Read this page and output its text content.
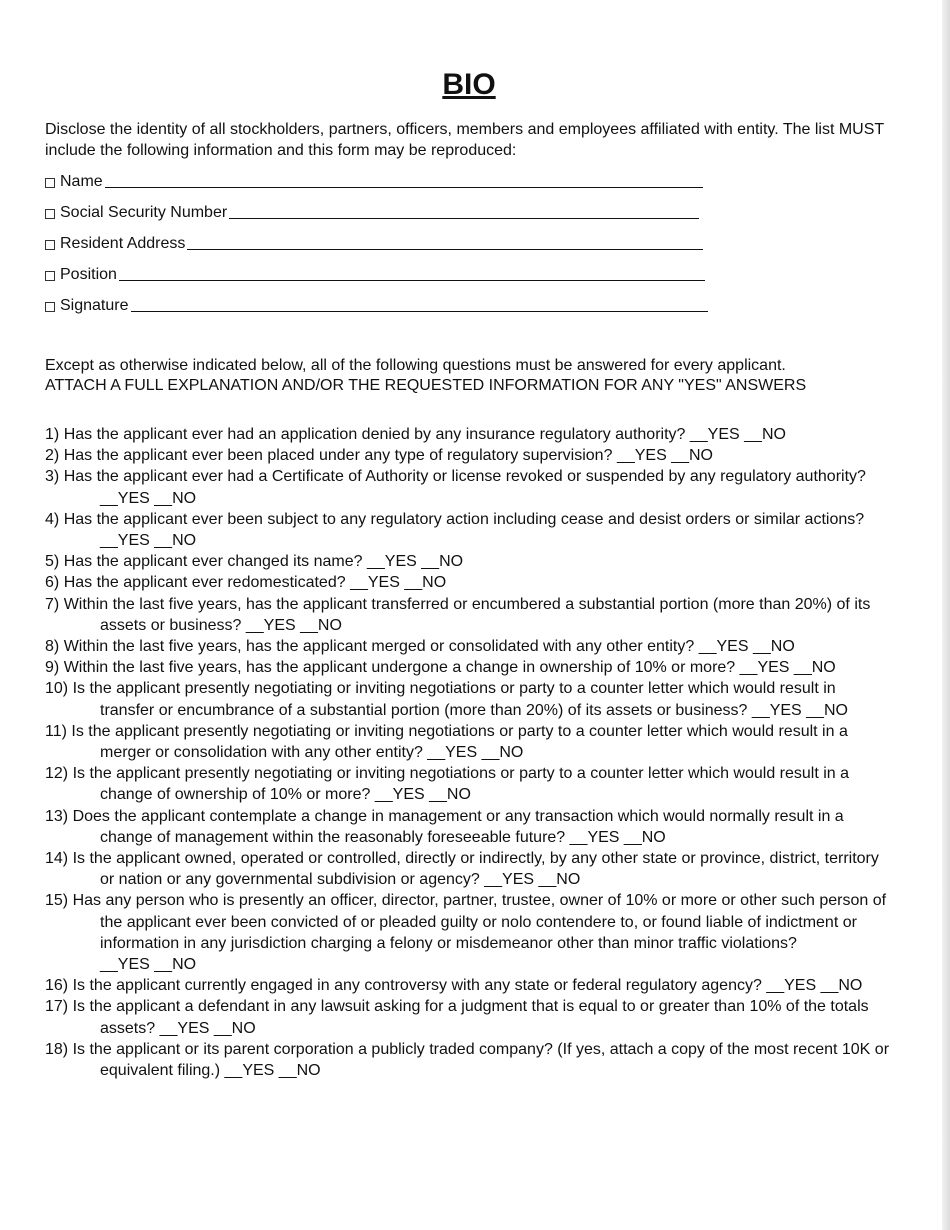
BIO
Disclose the identity of all stockholders, partners, officers, members and employees affiliated with entity. The list MUST include the following information and this form may be reproduced:
Name
Social Security Number
Resident Address
Position
Signature
Except as otherwise indicated below, all of the following questions must be answered for every applicant.
ATTACH A FULL EXPLANATION AND/OR THE REQUESTED INFORMATION FOR ANY "YES" ANSWERS
1) Has the applicant ever had an application denied by any insurance regulatory authority? __YES __NO
2) Has the applicant ever been placed under any type of regulatory supervision? __YES __NO
3) Has the applicant ever had a Certificate of Authority or license revoked or suspended by any regulatory authority? __YES __NO
4) Has the applicant ever been subject to any regulatory action including cease and desist orders or similar actions? __YES __NO
5) Has the applicant ever changed its name? __YES __NO
6) Has the applicant ever redomesticated? __YES __NO
7) Within the last five years, has the applicant transferred or encumbered a substantial portion (more than 20%) of its assets or business? __YES __NO
8) Within the last five years, has the applicant merged or consolidated with any other entity? __YES __NO
9) Within the last five years, has the applicant undergone a change in ownership of 10% or more? __YES __NO
10) Is the applicant presently negotiating or inviting negotiations or party to a counter letter which would result in transfer or encumbrance of a substantial portion (more than 20%) of its assets or business? __YES __NO
11) Is the applicant presently negotiating or inviting negotiations or party to a counter letter which would result in a merger or consolidation with any other entity? __YES __NO
12) Is the applicant presently negotiating or inviting negotiations or party to a counter letter which would result in a change of ownership of 10% or more? __YES __NO
13) Does the applicant contemplate a change in management or any transaction which would normally result in a change of management within the reasonably foreseeable future? __YES __NO
14) Is the applicant owned, operated or controlled, directly or indirectly, by any other state or province, district, territory or nation or any governmental subdivision or agency? __YES __NO
15) Has any person who is presently an officer, director, partner, trustee, owner of 10% or more or other such person of the applicant ever been convicted of or pleaded guilty or nolo contendere to, or found liable of indictment or information in any jurisdiction charging a felony or misdemeanor other than minor traffic violations? __YES __NO
16) Is the applicant currently engaged in any controversy with any state or federal regulatory agency? __YES __NO
17) Is the applicant a defendant in any lawsuit asking for a judgment that is equal to or greater than 10% of the totals assets? __YES __NO
18) Is the applicant or its parent corporation a publicly traded company? (If yes, attach a copy of the most recent 10K or equivalent filing.) __YES __NO
